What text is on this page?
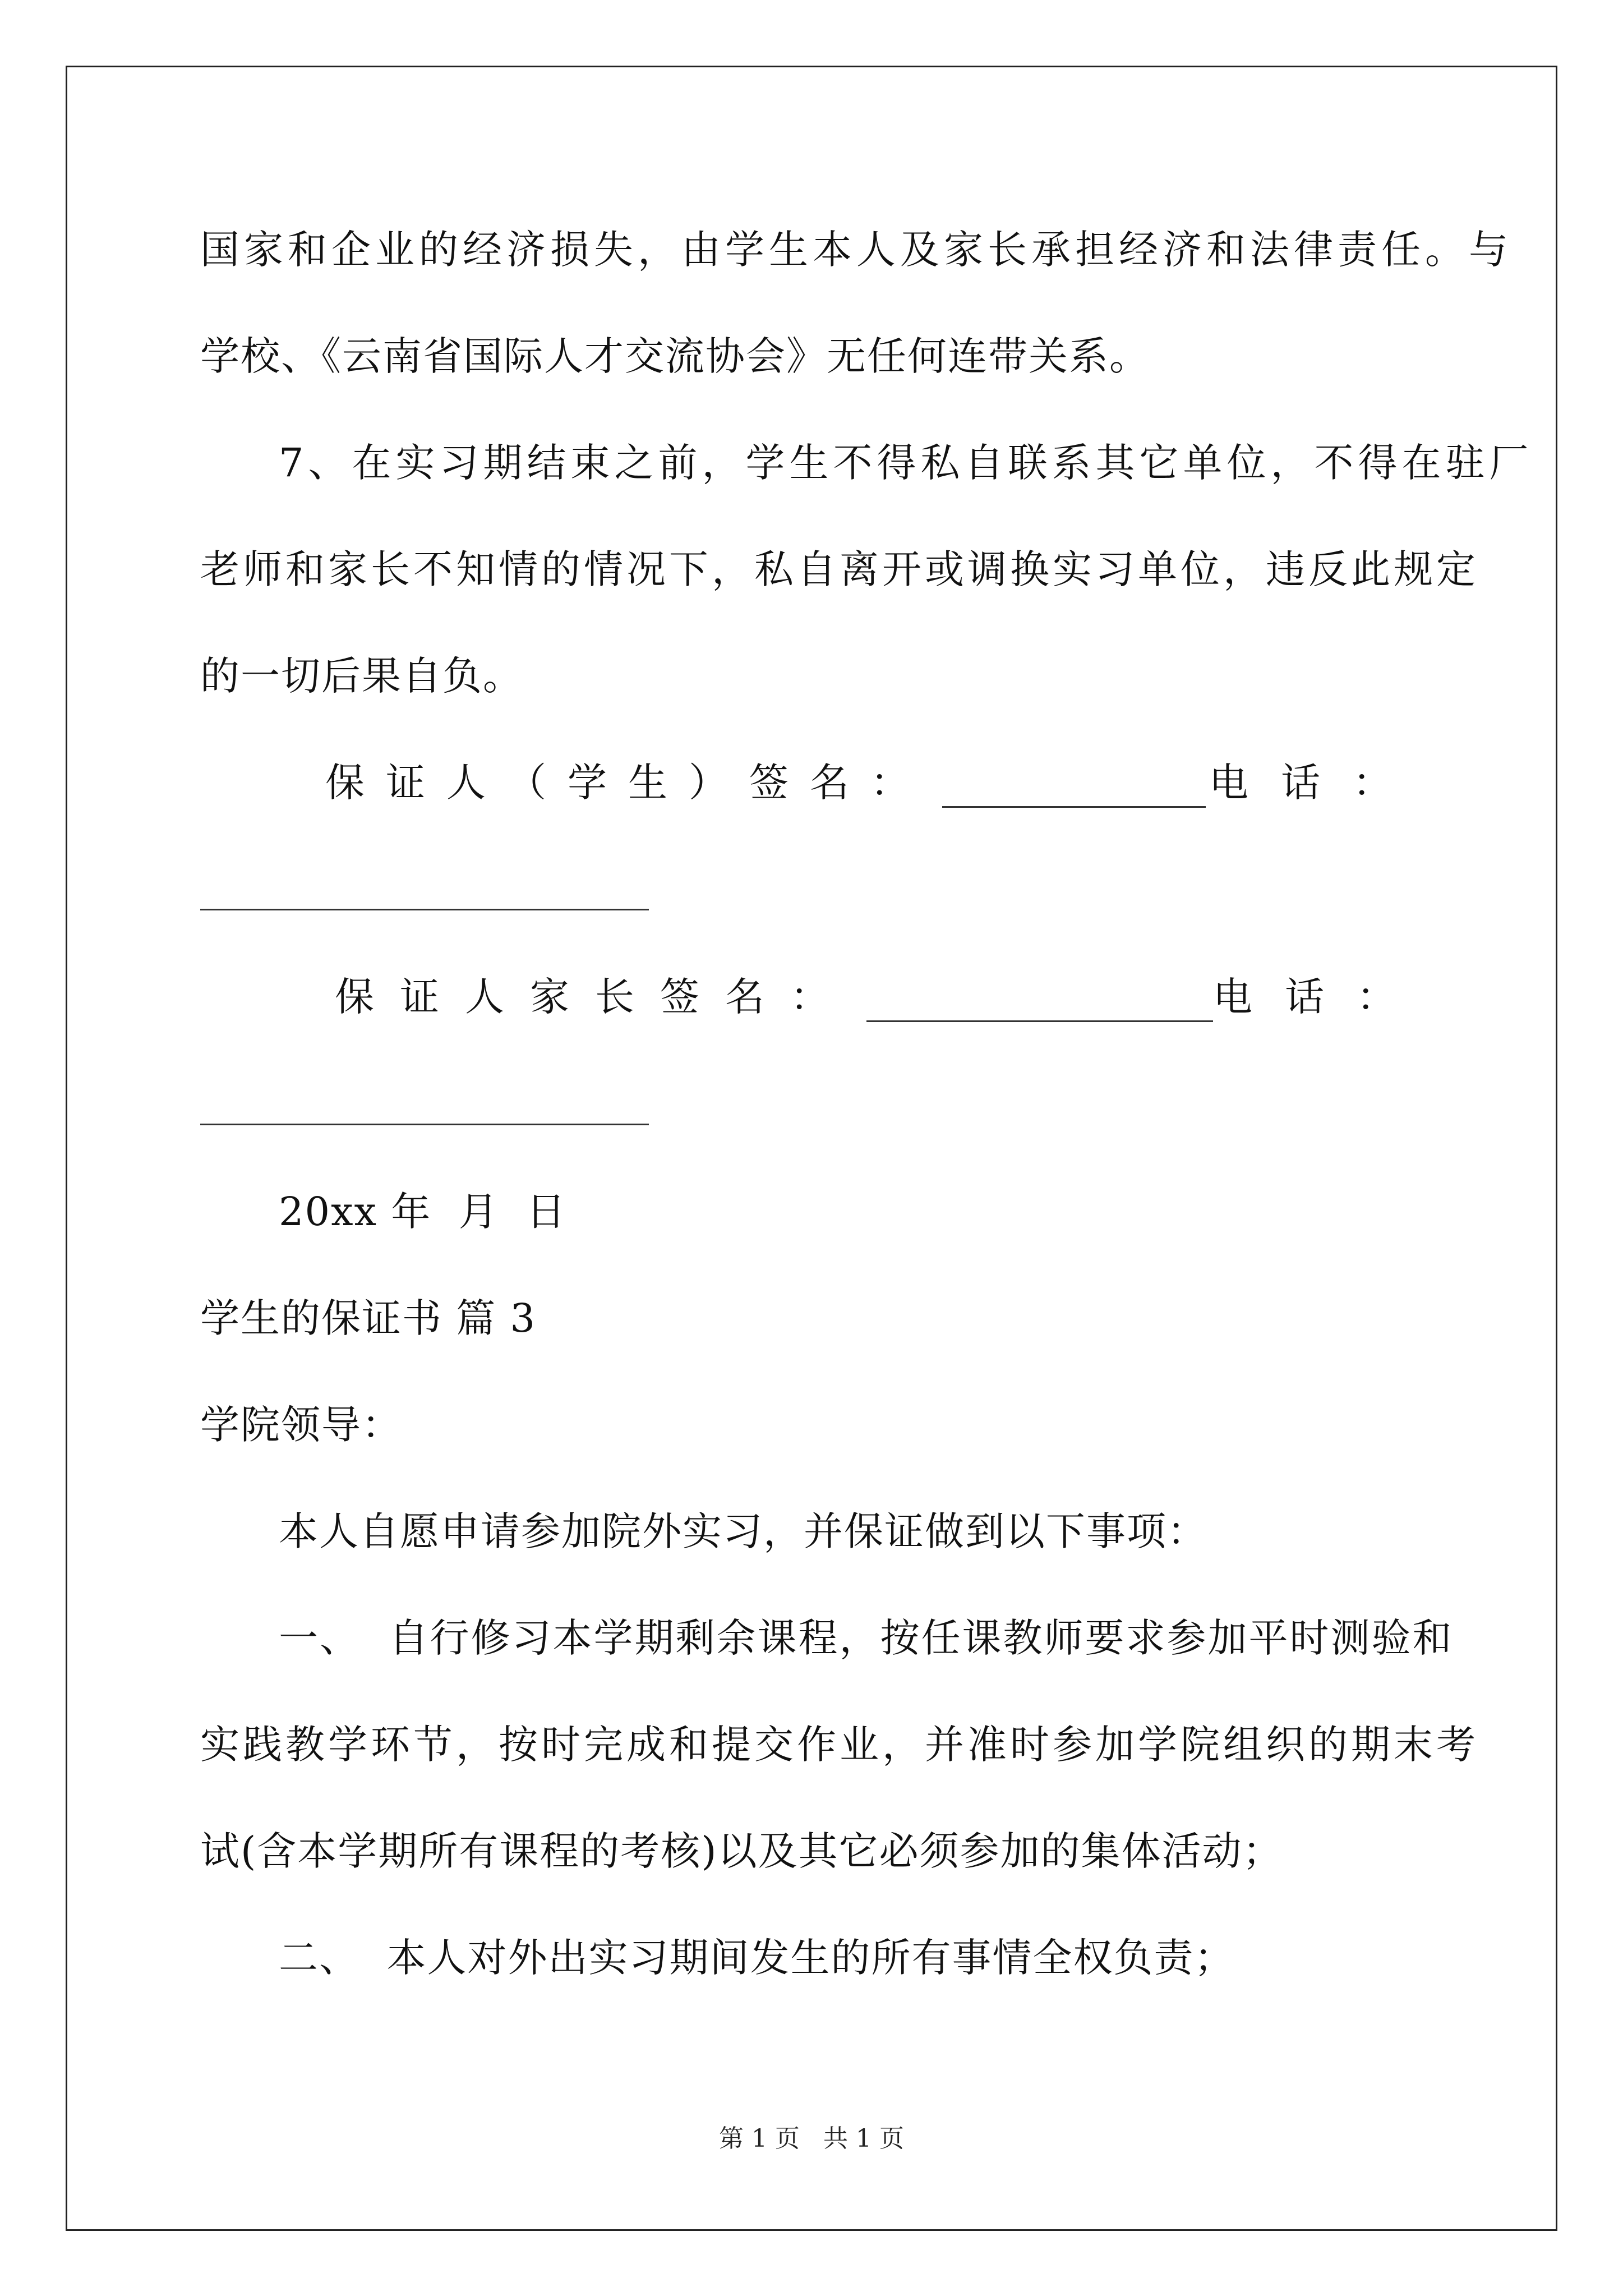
国家和企业的经济损失，由学生本人及家长承担经济和法律责任。与
学校、《云南省国际人才交流协会》无任何连带关系。
7、在实习期结束之前，学生不得私自联系其它单位，不得在驻厂
老师和家长不知情的情况下，私自离开或调换实习单位，违反此规定
的一切后果自负。
保证人（学生）签名：	电话：
保证人家长签名：	电话：
20xx 年  月  日
学生的保证书 篇 3
学院领导：
本人自愿申请参加院外实习，并保证做到以下事项：
一、  自行修习本学期剩余课程，按任课教师要求参加平时测验和
实践教学环节，按时完成和提交作业，并准时参加学院组织的期末考
试(含本学期所有课程的考核)以及其它必须参加的集体活动；
二、  本人对外出实习期间发生的所有事情全权负责；
第 1 页   共 1 页
